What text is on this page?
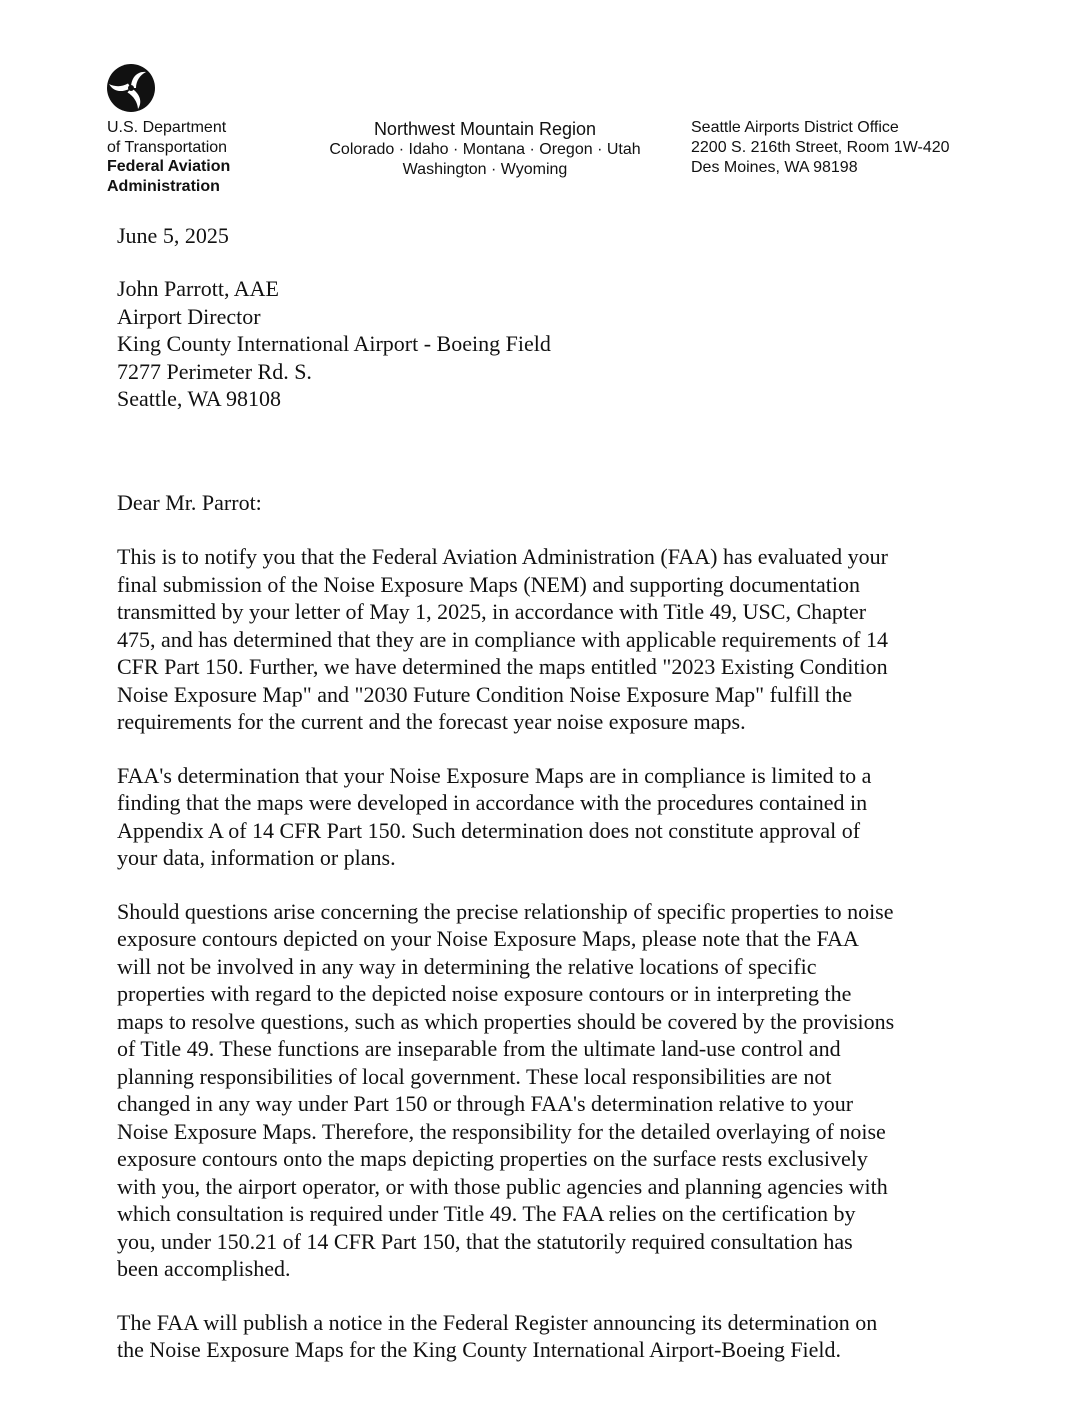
U.S. Department
of Transportation
Federal Aviation
Administration
Northwest Mountain Region
Colorado · Idaho · Montana · Oregon · Utah
Washington · Wyoming
Seattle Airports District Office
2200 S. 216th Street, Room 1W-420
Des Moines, WA 98198
June 5, 2025
John Parrott, AAE
Airport Director
King County International Airport - Boeing Field
7277 Perimeter Rd. S.
Seattle, WA 98108
Dear Mr. Parrot:

This is to notify you that the Federal Aviation Administration (FAA) has evaluated your
final submission of the Noise Exposure Maps (NEM) and supporting documentation
transmitted by your letter of May 1, 2025, in accordance with Title 49, USC, Chapter
475, and has determined that they are in compliance with applicable requirements of 14
CFR Part 150. Further, we have determined the maps entitled "2023 Existing Condition
Noise Exposure Map" and "2030 Future Condition Noise Exposure Map" fulfill the
requirements for the current and the forecast year noise exposure maps.

FAA's determination that your Noise Exposure Maps are in compliance is limited to a
finding that the maps were developed in accordance with the procedures contained in
Appendix A of 14 CFR Part 150. Such determination does not constitute approval of
your data, information or plans.

Should questions arise concerning the precise relationship of specific properties to noise
exposure contours depicted on your Noise Exposure Maps, please note that the FAA
will not be involved in any way in determining the relative locations of specific
properties with regard to the depicted noise exposure contours or in interpreting the
maps to resolve questions, such as which properties should be covered by the provisions
of Title 49. These functions are inseparable from the ultimate land-use control and
planning responsibilities of local government. These local responsibilities are not
changed in any way under Part 150 or through FAA's determination relative to your
Noise Exposure Maps. Therefore, the responsibility for the detailed overlaying of noise
exposure contours onto the maps depicting properties on the surface rests exclusively
with you, the airport operator, or with those public agencies and planning agencies with
which consultation is required under Title 49. The FAA relies on the certification by
you, under 150.21 of 14 CFR Part 150, that the statutorily required consultation has
been accomplished.

The FAA will publish a notice in the Federal Register announcing its determination on
the Noise Exposure Maps for the King County International Airport-Boeing Field.
